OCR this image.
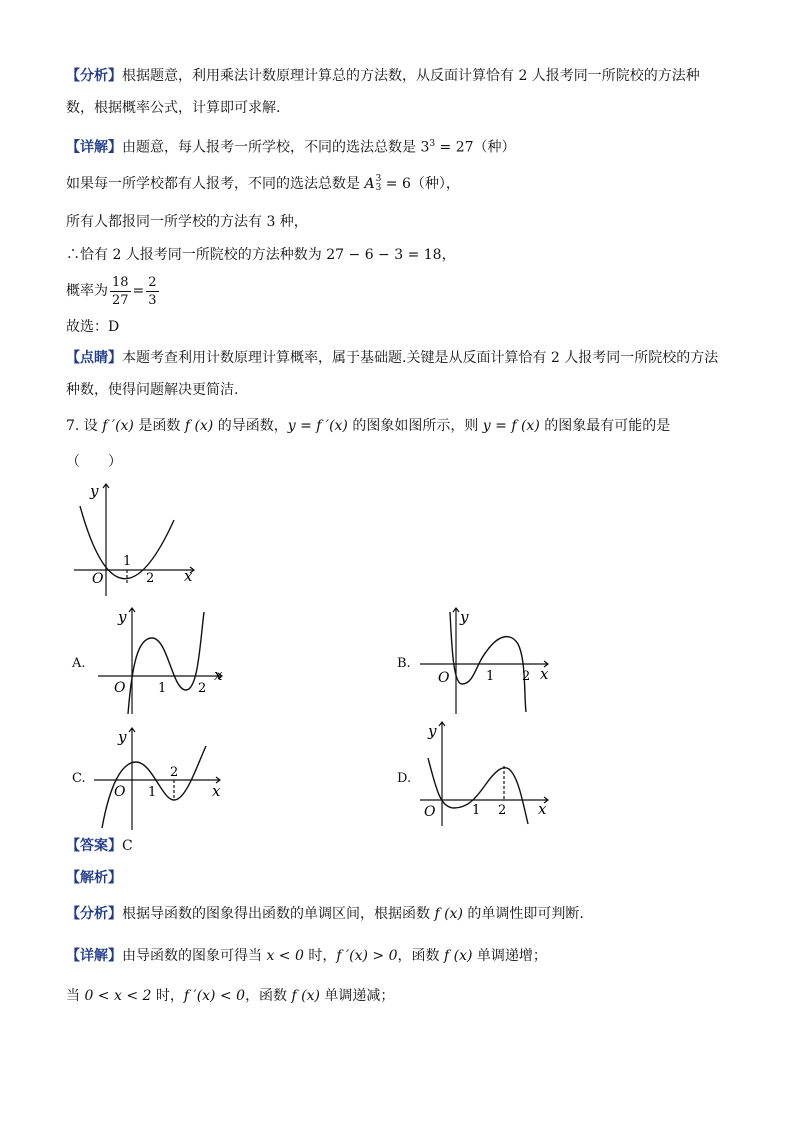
【分析】根据题意，利用乘法计数原理计算总的方法数，从反面计算恰有 2 人报考同一所院校的方法种
数，根据概率公式，计算即可求解.
【详解】由题意，每人报考一所学校，不同的选法总数是 $3^3 = 27$（种）
如果每一所学校都有人报考，不同的选法总数是 A 3
3 = 6（种），
所有人都报同一所学校的方法有 3 种，
∴恰有 2 人报考同一所院校的方法种数为 27 − 6 − 3 = 18，
概率为 $\frac{18}{27} = \frac{2}{3}$
故选：D
【点睛】本题考查利用计数原理计算概率，属于基础题.关键是从反面计算恰有 2 人报考同一所院校的方法
种数，使得问题解决更简洁.
7. 设 f ′(x) 是函数 f (x) 的导函数，y = f ′(x) 的图象如图所示，则 y = f (x) 的图象最有可能的是
（　　）
y
x
O
1
2
A.
y
x
O	1 2
B.
y
x
O	1 2
C.
y
x
O 1
2	D.
y
x
O	1 2
【答案】C
【解析】
【分析】根据导函数的图象得出函数的单调区间，根据函数 f (x) 的单调性即可判断.
【详解】由导函数的图象可得当 x < 0 时，f ′(x) > 0，函数 f (x) 单调递增；
当 0 < x < 2 时，f ′(x) < 0，函数 f (x) 单调递减；
